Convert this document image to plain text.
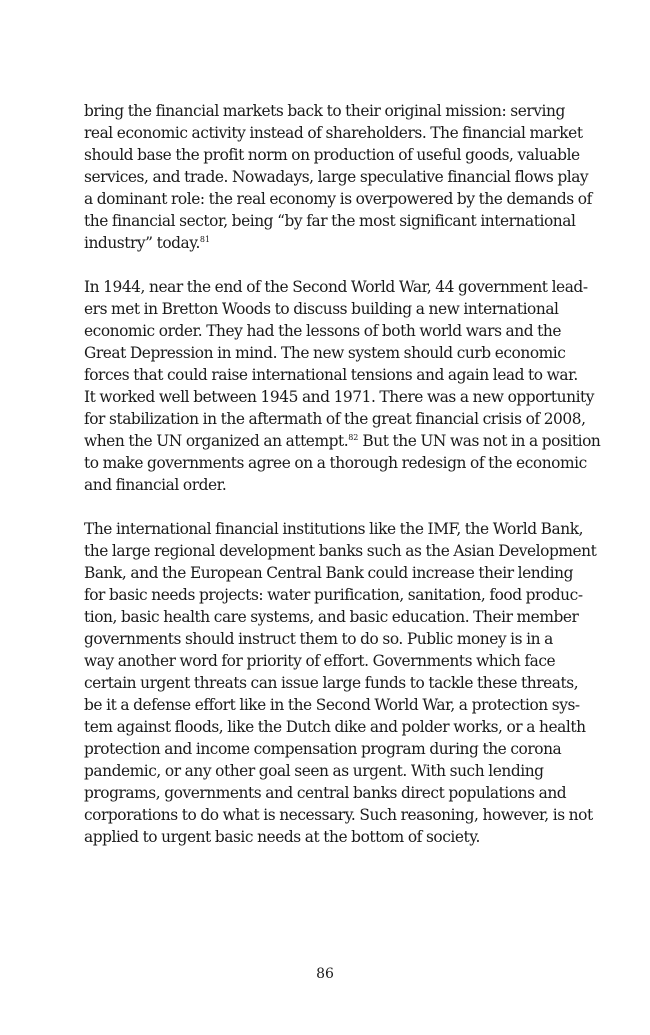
bring the financial markets back to their original mission: serving
real economic activity instead of shareholders. The financial market
should base the profit norm on production of useful goods, valuable
services, and trade. Nowadays, large speculative financial flows play
a dominant role: the real economy is overpowered by the demands of
the financial sector, being “by far the most significant international
industry” today.$^{81}$

In 1944, near the end of the Second World War, 44 government lead-
ers met in Bretton Woods to discuss building a new international
economic order. They had the lessons of both world wars and the
Great Depression in mind. The new system should curb economic
forces that could raise international tensions and again lead to war.
It worked well between 1945 and 1971. There was a new opportunity
for stabilization in the aftermath of the great financial crisis of 2008,
when the UN organized an attempt.$^{82}$ But the UN was not in a position
to make governments agree on a thorough redesign of the economic
and financial order.

The international financial institutions like the IMF, the World Bank,
the large regional development banks such as the Asian Development
Bank, and the European Central Bank could increase their lending
for basic needs projects: water purification, sanitation, food produc-
tion, basic health care systems, and basic education. Their member
governments should instruct them to do so. Public money is in a
way another word for priority of effort. Governments which face
certain urgent threats can issue large funds to tackle these threats,
be it a defense effort like in the Second World War, a protection sys-
tem against floods, like the Dutch dike and polder works, or a health
protection and income compensation program during the corona
pandemic, or any other goal seen as urgent. With such lending
programs, governments and central banks direct populations and
corporations to do what is necessary. Such reasoning, however, is not
applied to urgent basic needs at the bottom of society.

86
